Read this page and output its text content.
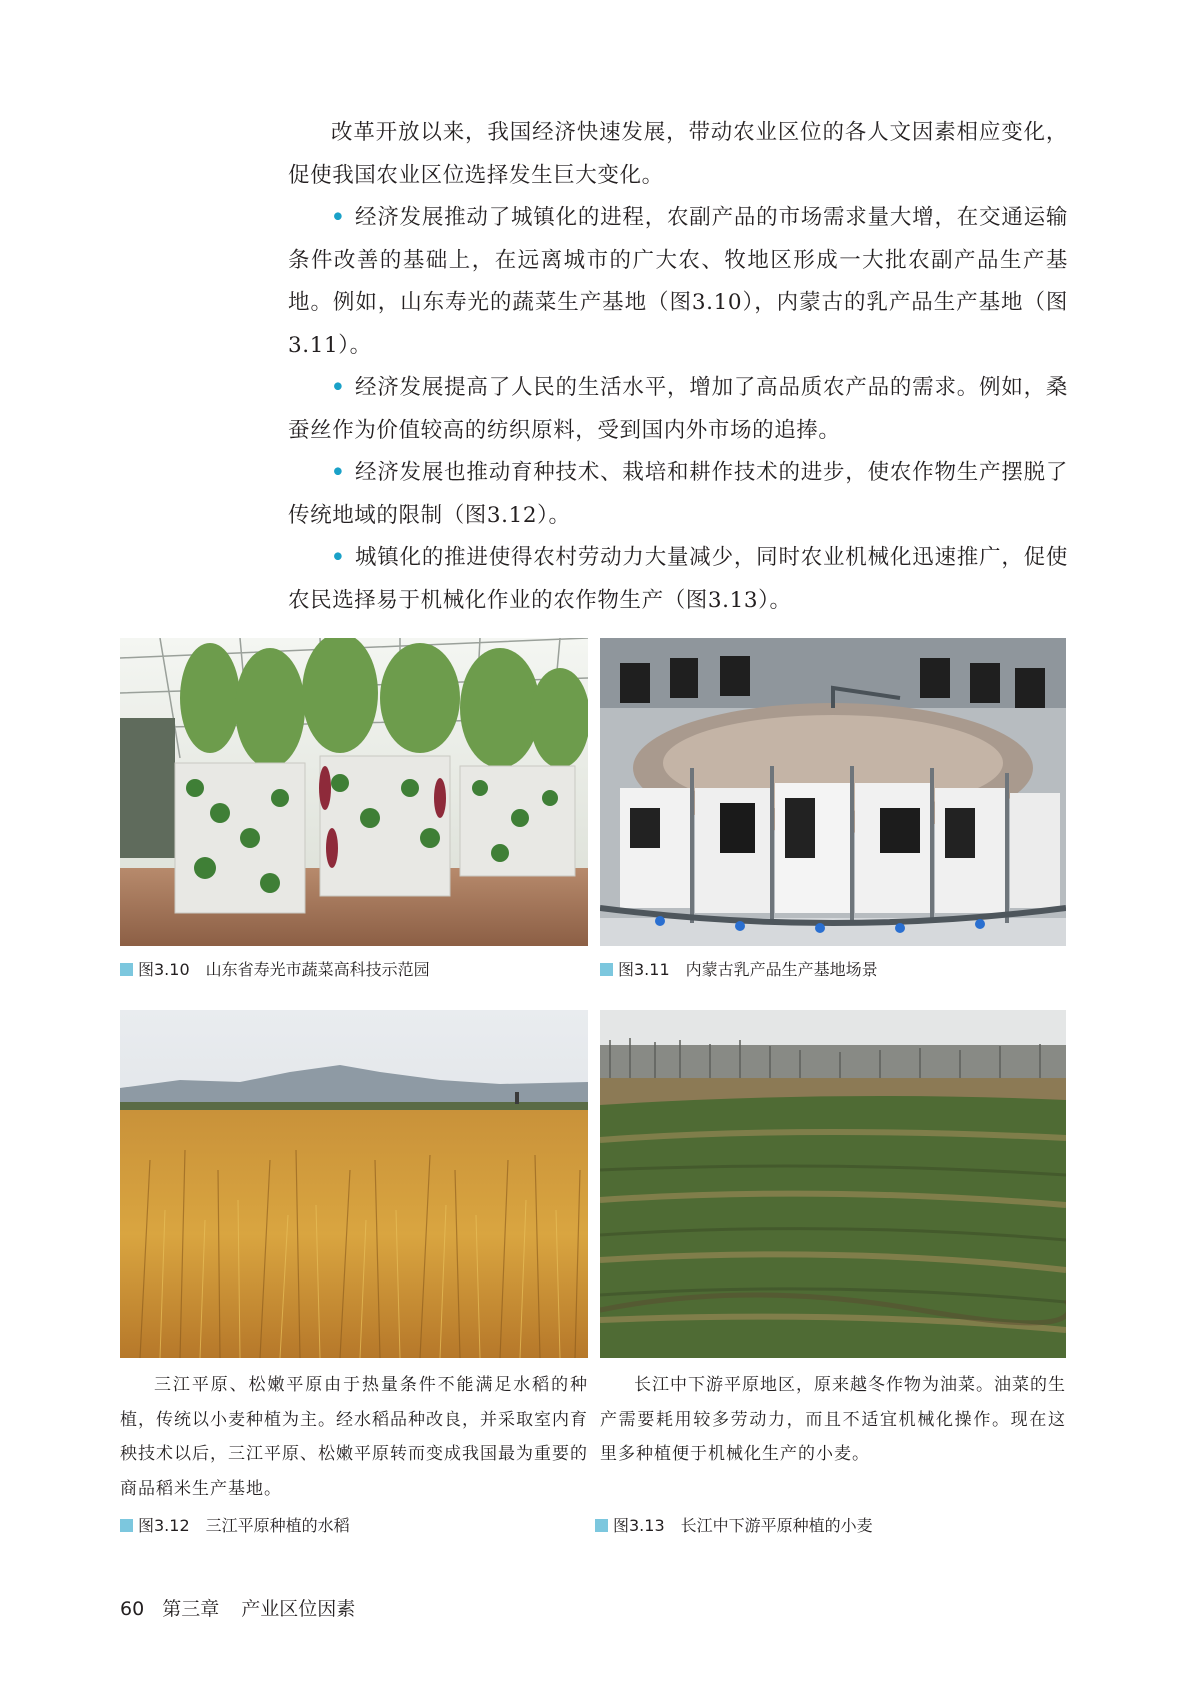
改革开放以来，我国经济快速发展，带动农业区位的各人文因素相应变化，促使我国农业区位选择发生巨大变化。

• 经济发展推动了城镇化的进程，农副产品的市场需求量大增，在交通运输条件改善的基础上，在远离城市的广大农、牧地区形成一大批农副产品生产基地。例如，山东寿光的蔬菜生产基地（图3.10），内蒙古的乳产品生产基地（图3.11）。

• 经济发展提高了人民的生活水平，增加了高品质农产品的需求。例如，桑蚕丝作为价值较高的纺织原料，受到国内外市场的追捧。

• 经济发展也推动育种技术、栽培和耕作技术的进步，使农作物生产摆脱了传统地域的限制（图3.12）。

• 城镇化的推进使得农村劳动力大量减少，同时农业机械化迅速推广，促使农民选择易于机械化作业的农作物生产（图3.13）。

图3.10　山东省寿光市蔬菜高科技示范园	图3.11　内蒙古乳产品生产基地场景

三江平原、松嫩平原由于热量条件不能满足水稻的种植，传统以小麦种植为主。经水稻品种改良，并采取室内育秧技术以后，三江平原、松嫩平原转而变成我国最为重要的商品稻米生产基地。

长江中下游平原地区，原来越冬作物为油菜。油菜的生产需要耗用较多劳动力，而且不适宜机械化操作。现在这里多种植便于机械化生产的小麦。

图3.12　三江平原种植的水稻	图3.13　长江中下游平原种植的小麦
60 第三章 产业区位因素
